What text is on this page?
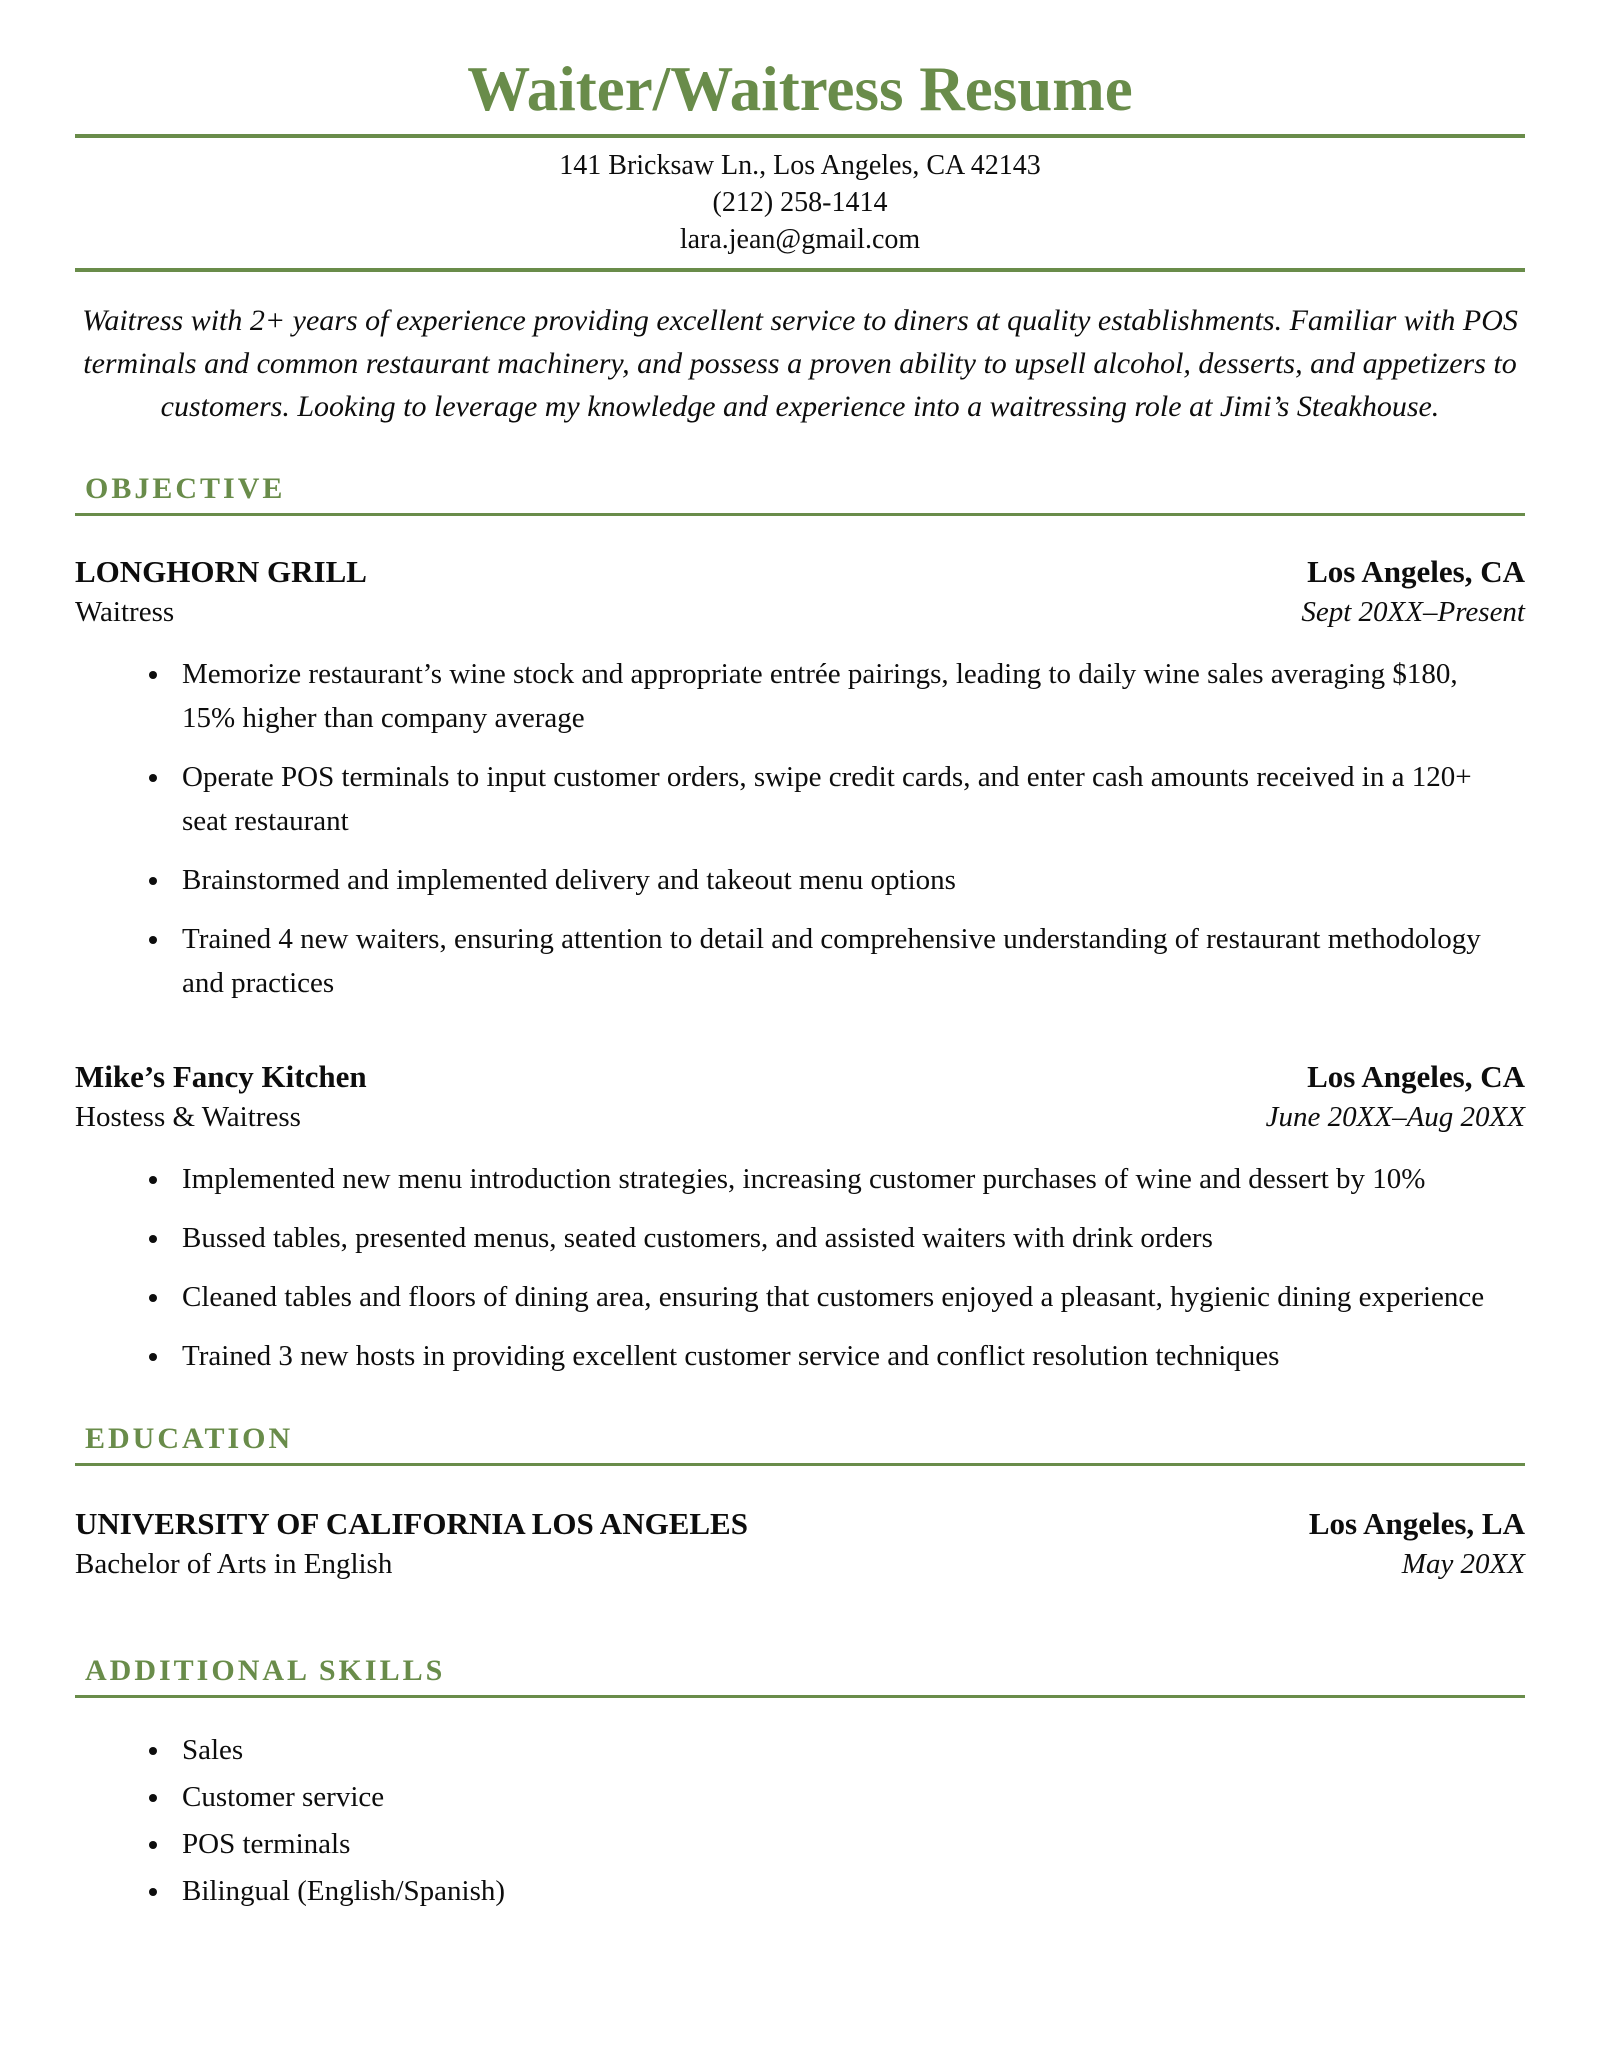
Waiter/Waitress Resume
141 Bricksaw Ln., Los Angeles, CA 42143
(212) 258-1414
lara.jean@gmail.com

Waitress with 2+ years of experience providing excellent service to diners at quality establishments. Familiar with POS terminals and common restaurant machinery, and possess a proven ability to upsell alcohol, desserts, and appetizers to customers. Looking to leverage my knowledge and experience into a waitressing role at Jimi’s Steakhouse.

OBJECTIVE
LONGHORN GRILL	Los Angeles, CA
Waitress	Sept 20XX–Present
• Memorize restaurant’s wine stock and appropriate entrée pairings, leading to daily wine sales averaging $180, 15% higher than company average
• Operate POS terminals to input customer orders, swipe credit cards, and enter cash amounts received in a 120+ seat restaurant
• Brainstormed and implemented delivery and takeout menu options
• Trained 4 new waiters, ensuring attention to detail and comprehensive understanding of restaurant methodology and practices
Mike’s Fancy Kitchen	Los Angeles, CA
Hostess & Waitress	June 20XX–Aug 20XX
• Implemented new menu introduction strategies, increasing customer purchases of wine and dessert by 10%
• Bussed tables, presented menus, seated customers, and assisted waiters with drink orders
• Cleaned tables and floors of dining area, ensuring that customers enjoyed a pleasant, hygienic dining experience
• Trained 3 new hosts in providing excellent customer service and conflict resolution techniques
EDUCATION
UNIVERSITY OF CALIFORNIA LOS ANGELES	Los Angeles, LA
Bachelor of Arts in English	May 20XX
ADDITIONAL SKILLS
• Sales
• Customer service
• POS terminals
• Bilingual (English/Spanish)
